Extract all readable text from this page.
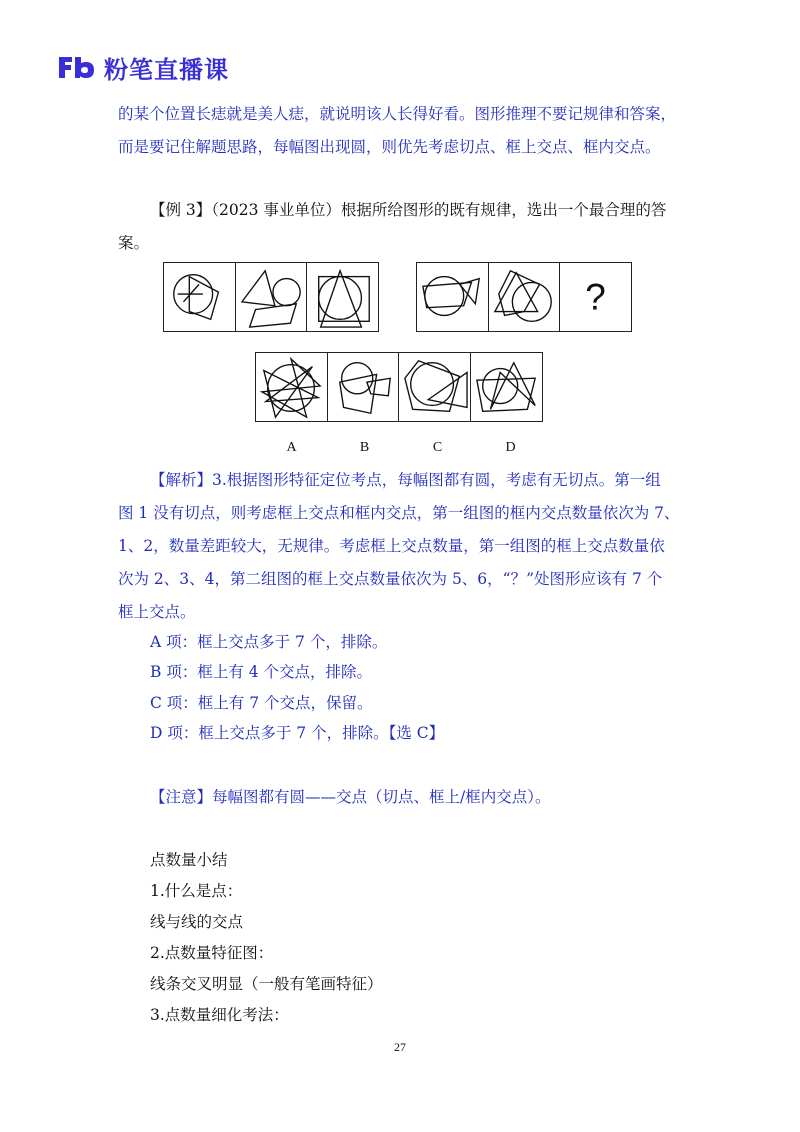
粉笔直播课
的某个位置长痣就是美人痣，就说明该人长得好看。图形推理不要记规律和答案，
而是要记住解题思路，每幅图出现圆，则优先考虑切点、框上交点、框内交点。
【例 3】（2023 事业单位）根据所给图形的既有规律，选出一个最合理的答
案。
?
A	B	C	D
【解析】3.根据图形特征定位考点，每幅图都有圆，考虑有无切点。第一组
图 1 没有切点，则考虑框上交点和框内交点，第一组图的框内交点数量依次为 7、
1、2，数量差距较大，无规律。考虑框上交点数量，第一组图的框上交点数量依
次为 2、3、4，第二组图的框上交点数量依次为 5、6，“？”处图形应该有 7 个
框上交点。
A 项：框上交点多于 7 个，排除。
B 项：框上有 4 个交点，排除。
C 项：框上有 7 个交点，保留。
D 项：框上交点多于 7 个，排除。【选 C】
【注意】每幅图都有圆——交点（切点、框上/框内交点）。
点数量小结
1.什么是点：
线与线的交点
2.点数量特征图：
线条交叉明显（一般有笔画特征）
3.点数量细化考法：
27
